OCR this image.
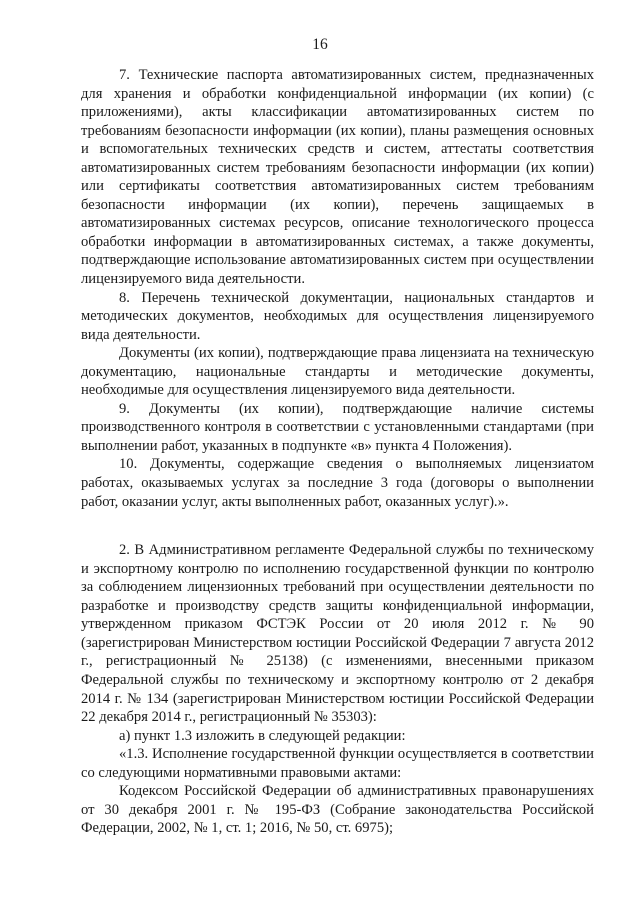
16

7. Технические паспорта автоматизированных систем, предназначенных для хранения и обработки конфиденциальной информации (их копии) (с приложениями), акты классификации автоматизированных систем по требованиям безопасности информации (их копии), планы размещения основных и вспомогательных технических средств и систем, аттестаты соответствия автоматизированных систем требованиям безопасности информации (их копии) или сертификаты соответствия автоматизированных систем требованиям безопасности информации (их копии), перечень защищаемых в автоматизированных системах ресурсов, описание технологического процесса обработки информации в автоматизированных системах, а также документы, подтверждающие использование автоматизированных систем при осуществлении лицензируемого вида деятельности.

8. Перечень технической документации, национальных стандартов и методических документов, необходимых для осуществления лицензируемого вида деятельности.

Документы (их копии), подтверждающие права лицензиата на техническую документацию, национальные стандарты и методические документы, необходимые для осуществления лицензируемого вида деятельности.

9. Документы (их копии), подтверждающие наличие системы производственного контроля в соответствии с установленными стандартами (при выполнении работ, указанных в подпункте «в» пункта 4 Положения).

10. Документы, содержащие сведения о выполняемых лицензиатом работах, оказываемых услугах за последние 3 года (договоры о выполнении работ, оказании услуг, акты выполненных работ, оказанных услуг).».

2. В Административном регламенте Федеральной службы по техническому и экспортному контролю по исполнению государственной функции по контролю за соблюдением лицензионных требований при осуществлении деятельности по разработке и производству средств защиты конфиденциальной информации, утвержденном приказом ФСТЭК России от 20 июля 2012 г. № 90 (зарегистрирован Министерством юстиции Российской Федерации 7 августа 2012 г., регистрационный № 25138) (с изменениями, внесенными приказом Федеральной службы по техническому и экспортному контролю от 2 декабря 2014 г. № 134 (зарегистрирован Министерством юстиции Российской Федерации 22 декабря 2014 г., регистрационный № 35303):

а) пункт 1.3 изложить в следующей редакции:

«1.3. Исполнение государственной функции осуществляется в соответствии со следующими нормативными правовыми актами:

Кодексом Российской Федерации об административных правонарушениях от 30 декабря 2001 г. № 195-ФЗ (Собрание законодательства Российской Федерации, 2002, № 1, ст. 1; 2016, № 50, ст. 6975);
